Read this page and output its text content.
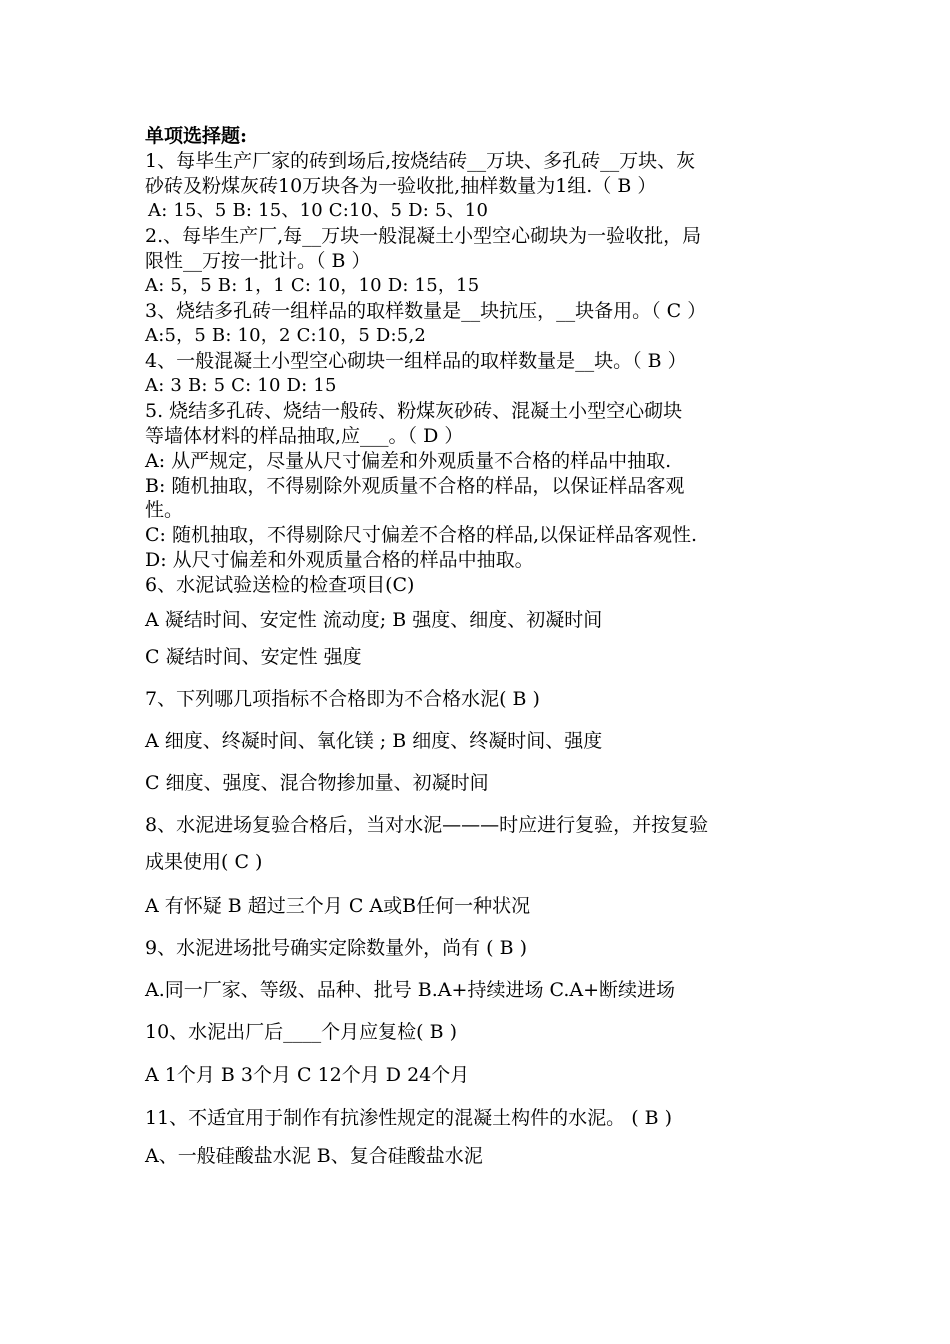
单项选择题:
1、每毕生产厂家的砖到场后,按烧结砖__万块、多孔砖__万块、灰
砂砖及粉煤灰砖10万块各为一验收批,抽样数量为1组.（ B ）
A: 15、5 B: 15、10 C:10、5 D: 5、10
2.、每毕生产厂,每__万块一般混凝土小型空心砌块为一验收批，局
限性__万按一批计。（ B ）
A: 5，5 B: 1，1 C: 10，10 D: 15，15
3、烧结多孔砖一组样品的取样数量是__块抗压，__块备用。（ C ）
A:5，5 B: 10，2 C:10，5 D:5,2
4、一般混凝土小型空心砌块一组样品的取样数量是__块。（ B ）
A: 3 B: 5 C: 10 D: 15
5. 烧结多孔砖、烧结一般砖、粉煤灰砂砖、混凝土小型空心砌块
等墙体材料的样品抽取,应___。（ D ）
A: 从严规定，尽量从尺寸偏差和外观质量不合格的样品中抽取.
B: 随机抽取，不得剔除外观质量不合格的样品，以保证样品客观
性。
C: 随机抽取，不得剔除尺寸偏差不合格的样品,以保证样品客观性.
D: 从尺寸偏差和外观质量合格的样品中抽取。
6、水泥试验送检的检查项目(C)
A 凝结时间、安定性 流动度; B 强度、细度、初凝时间
C 凝结时间、安定性 强度
7、下列哪几项指标不合格即为不合格水泥( B )
A 细度、终凝时间、氧化镁 ; B 细度、终凝时间、强度
C 细度、强度、混合物掺加量、初凝时间
8、水泥进场复验合格后，当对水泥———时应进行复验，并按复验
成果使用( C )
A 有怀疑 B 超过三个月 C A或B任何一种状况
9、水泥进场批号确实定除数量外，尚有 ( B )
A.同一厂家、等级、品种、批号 B.A+持续进场 C.A+断续进场
10、水泥出厂后____个月应复检( B )
A 1个月 B 3个月 C 12个月 D 24个月
11、不适宜用于制作有抗渗性规定的混凝土构件的水泥。 ( B )
A、一般硅酸盐水泥 B、复合硅酸盐水泥
